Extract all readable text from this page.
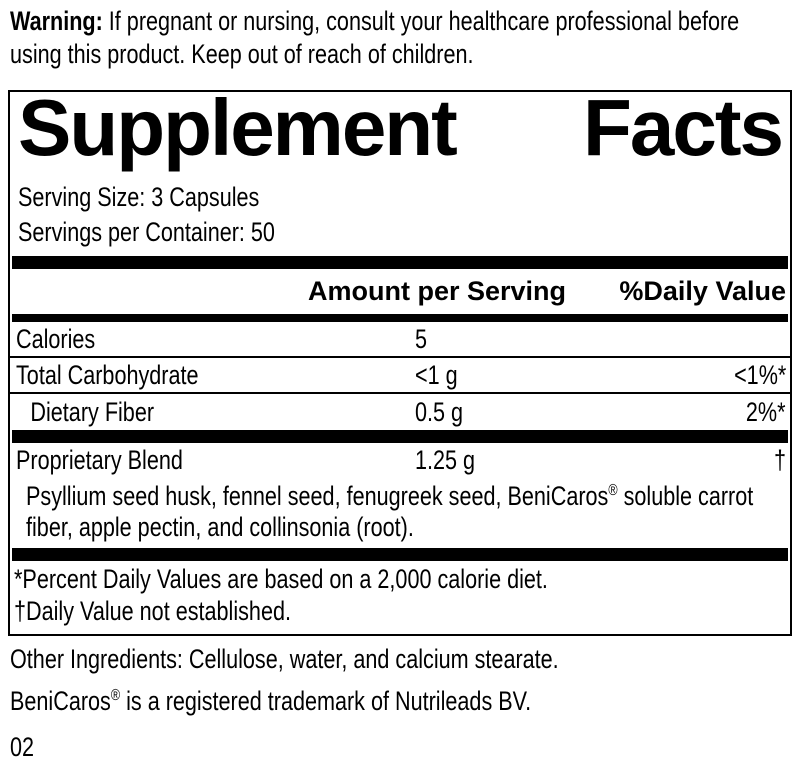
Warning: If pregnant or nursing, consult your healthcare professional before
using this product. Keep out of reach of children.
Supplement Facts
Serving Size: 3 Capsules
Servings per Container: 50
Amount per Serving %Daily Value
Calories	5
Total Carbohydrate	<1 g	<1%*
Dietary Fiber	0.5 g	2%*
Proprietary Blend	1.25 g	†
Psyllium seed husk, fennel seed, fenugreek seed, BeniCaros® soluble carrot
fiber, apple pectin, and collinsonia (root).
*Percent Daily Values are based on a 2,000 calorie diet.
†Daily Value not established.
Other Ingredients: Cellulose, water, and calcium stearate.
BeniCaros® is a registered trademark of Nutrileads BV.
02
